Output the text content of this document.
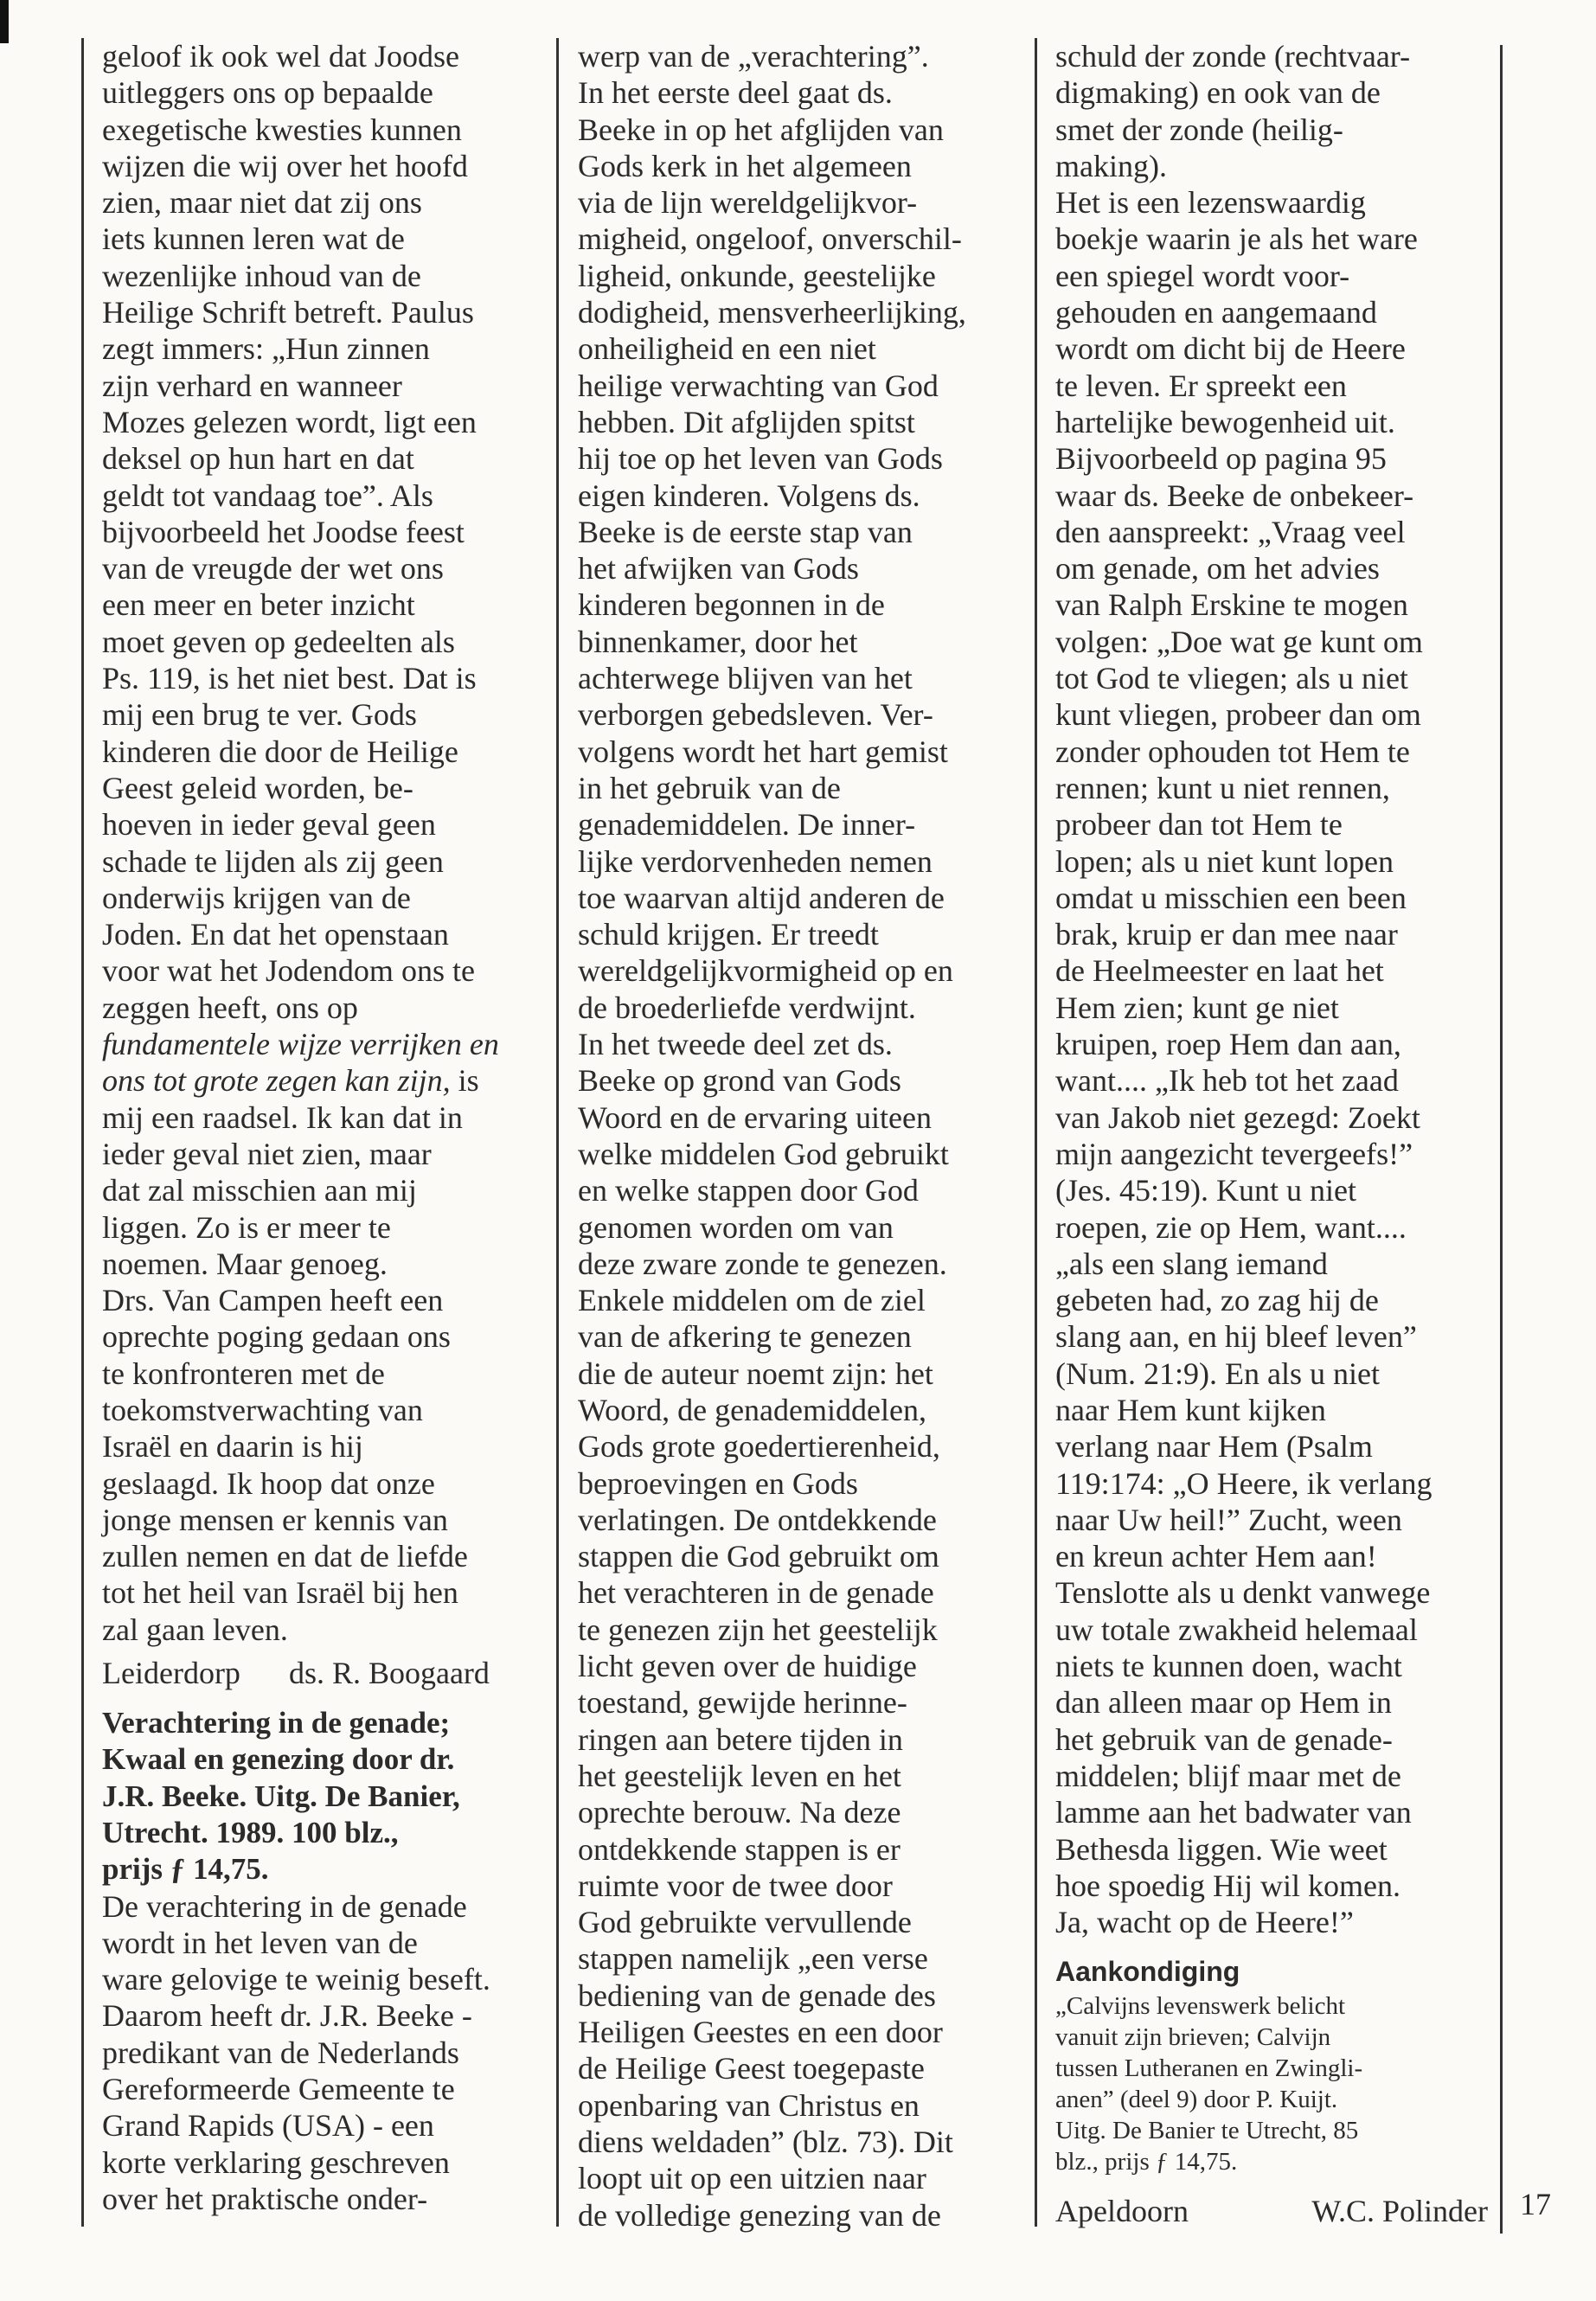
geloof ik ook wel dat Joodse

uitleggers ons op bepaalde

exegetische kwesties kunnen

wijzen die wij over het hoofd

zien, maar niet dat zij ons

iets kunnen leren wat de

wezenlijke inhoud van de

Heilige Schrift betreft. Paulus

zegt immers: „Hun zinnen

zijn verhard en wanneer

Mozes gelezen wordt, ligt een

deksel op hun hart en dat

geldt tot vandaag toe”. Als

bijvoorbeeld het Joodse feest

van de vreugde der wet ons

een meer en beter inzicht

moet geven op gedeelten als

Ps. 119, is het niet best. Dat is

mij een brug te ver. Gods

kinderen die door de Heilige

Geest geleid worden, be-

hoeven in ieder geval geen

schade te lijden als zij geen

onderwijs krijgen van de

Joden. En dat het openstaan

voor wat het Jodendom ons te

zeggen heeft, ons op

fundamentele wijze verrijken en

ons tot grote zegen kan zijn, is

mij een raadsel. Ik kan dat in

ieder geval niet zien, maar

dat zal misschien aan mij

liggen. Zo is er meer te

noemen. Maar genoeg.

Drs. Van Campen heeft een

oprechte poging gedaan ons

te konfronteren met de

toekomstverwachting van

Israël en daarin is hij

geslaagd. Ik hoop dat onze

jonge mensen er kennis van

zullen nemen en dat de liefde

tot het heil van Israël bij hen

zal gaan leven.

Leiderdorp ds. R. Boogaard
Verachtering in de genade;
Kwaal en genezing door dr.
J.R. Beeke. Uitg. De Banier,
Utrecht. 1989. 100 blz.,
prijs ƒ 14,75.

De verachtering in de genade

wordt in het leven van de

ware gelovige te weinig beseft.

Daarom heeft dr. J.R. Beeke -

predikant van de Nederlands

Gereformeerde Gemeente te

Grand Rapids (USA) - een

korte verklaring geschreven

over het praktische onder-

werp van de „verachtering”.

In het eerste deel gaat ds.

Beeke in op het afglijden van

Gods kerk in het algemeen

via de lijn wereldgelijkvor-

migheid, ongeloof, onverschil-

ligheid, onkunde, geestelijke

dodigheid, mensverheerlijking,

onheiligheid en een niet

heilige verwachting van God

hebben. Dit afglijden spitst

hij toe op het leven van Gods

eigen kinderen. Volgens ds.

Beeke is de eerste stap van

het afwijken van Gods

kinderen begonnen in de

binnenkamer, door het

achterwege blijven van het

verborgen gebedsleven. Ver-

volgens wordt het hart gemist

in het gebruik van de

genademiddelen. De inner-

lijke verdorvenheden nemen

toe waarvan altijd anderen de

schuld krijgen. Er treedt

wereldgelijkvormigheid op en

de broederliefde verdwijnt.

In het tweede deel zet ds.

Beeke op grond van Gods

Woord en de ervaring uiteen

welke middelen God gebruikt

en welke stappen door God

genomen worden om van

deze zware zonde te genezen.

Enkele middelen om de ziel

van de afkering te genezen

die de auteur noemt zijn: het

Woord, de genademiddelen,

Gods grote goedertierenheid,

beproevingen en Gods

verlatingen. De ontdekkende

stappen die God gebruikt om

het verachteren in de genade

te genezen zijn het geestelijk

licht geven over de huidige

toestand, gewijde herinne-

ringen aan betere tijden in

het geestelijk leven en het

oprechte berouw. Na deze

ontdekkende stappen is er

ruimte voor de twee door

God gebruikte vervullende

stappen namelijk „een verse

bediening van de genade des

Heiligen Geestes en een door

de Heilige Geest toegepaste

openbaring van Christus en

diens weldaden” (blz. 73). Dit

loopt uit op een uitzien naar

de volledige genezing van de

schuld der zonde (rechtvaar-

digmaking) en ook van de

smet der zonde (heilig-

making).

Het is een lezenswaardig

boekje waarin je als het ware

een spiegel wordt voor-

gehouden en aangemaand

wordt om dicht bij de Heere

te leven. Er spreekt een

hartelijke bewogenheid uit.

Bijvoorbeeld op pagina 95

waar ds. Beeke de onbekeer-

den aanspreekt: „Vraag veel

om genade, om het advies

van Ralph Erskine te mogen

volgen: „Doe wat ge kunt om

tot God te vliegen; als u niet

kunt vliegen, probeer dan om

zonder ophouden tot Hem te

rennen; kunt u niet rennen,

probeer dan tot Hem te

lopen; als u niet kunt lopen

omdat u misschien een been

brak, kruip er dan mee naar

de Heelmeester en laat het

Hem zien; kunt ge niet

kruipen, roep Hem dan aan,

want.... „Ik heb tot het zaad

van Jakob niet gezegd: Zoekt

mijn aangezicht tevergeefs!”

(Jes. 45:19). Kunt u niet

roepen, zie op Hem, want....

„als een slang iemand

gebeten had, zo zag hij de

slang aan, en hij bleef leven”

(Num. 21:9). En als u niet

naar Hem kunt kijken

verlang naar Hem (Psalm

119:174: „O Heere, ik verlang

naar Uw heil!” Zucht, ween

en kreun achter Hem aan!

Tenslotte als u denkt vanwege

uw totale zwakheid helemaal

niets te kunnen doen, wacht

dan alleen maar op Hem in

het gebruik van de genade-

middelen; blijf maar met de

lamme aan het badwater van

Bethesda liggen. Wie weet

hoe spoedig Hij wil komen.

Ja, wacht op de Heere!”

Aankondiging

„Calvijns levenswerk belicht

vanuit zijn brieven; Calvijn

tussen Lutheranen en Zwingli-

anen” (deel 9) door P. Kuijt.

Uitg. De Banier te Utrecht, 85

blz., prijs ƒ 14,75.

Apeldoorn	W.C. Polinder 17
